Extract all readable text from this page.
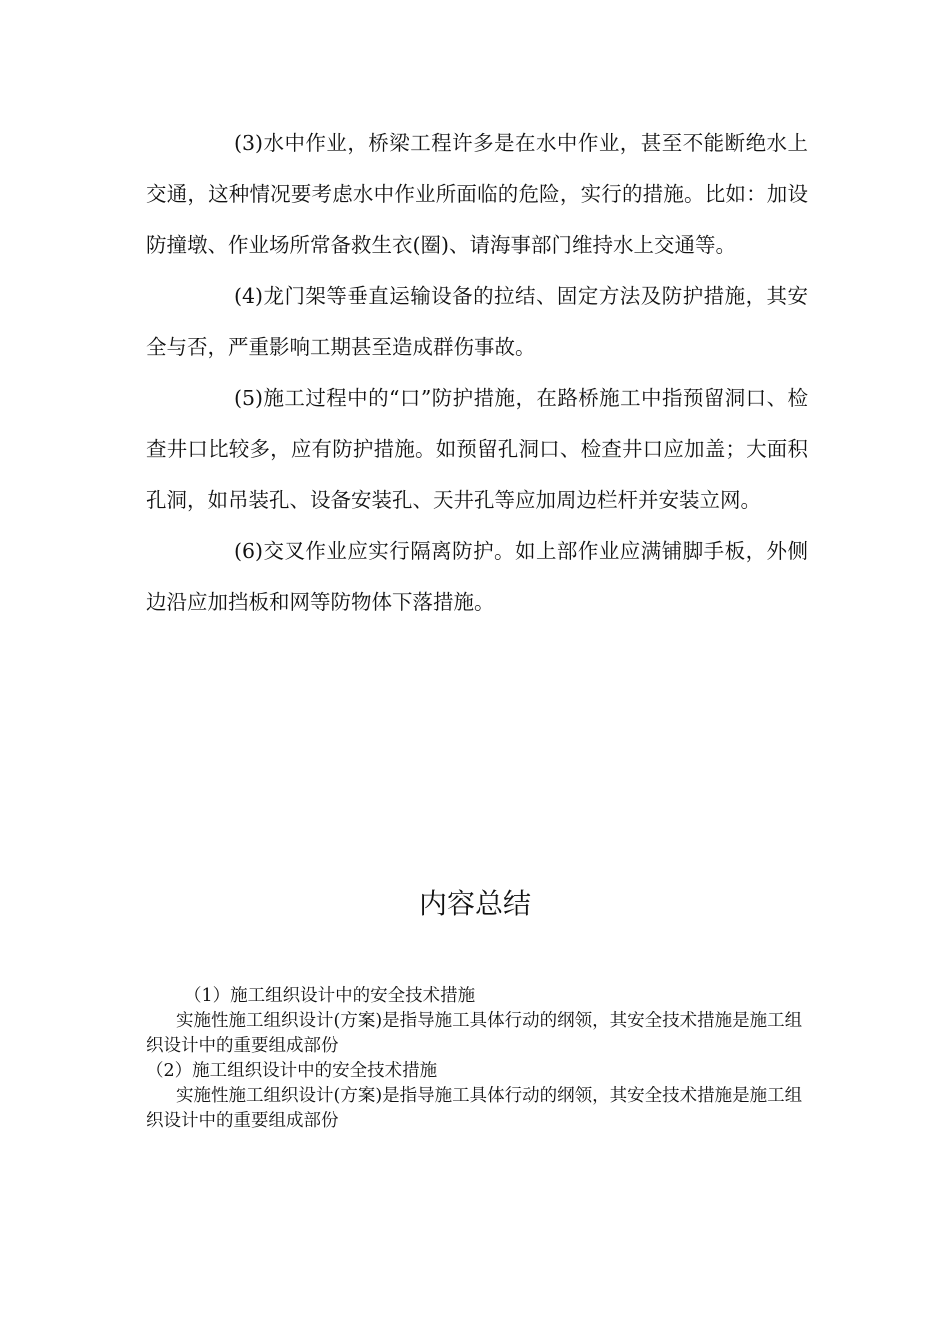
(3)水中作业，桥梁工程许多是在水中作业，甚至不能断绝水上交通，这种情况要考虑水中作业所面临的危险，实行的措施。比如：加设防撞墩、作业场所常备救生衣(圈)、请海事部门维持水上交通等。

(4)龙门架等垂直运输设备的拉结、固定方法及防护措施，其安全与否，严重影响工期甚至造成群伤事故。

(5)施工过程中的“口”防护措施，在路桥施工中指预留洞口、检查井口比较多，应有防护措施。如预留孔洞口、检查井口应加盖；大面积孔洞，如吊装孔、设备安装孔、天井孔等应加周边栏杆并安装立网。

(6)交叉作业应实行隔离防护。如上部作业应满铺脚手板，外侧边沿应加挡板和网等防物体下落措施。

内容总结

（1）施工组织设计中的安全技术措施

实施性施工组织设计(方案)是指导施工具体行动的纲领，其安全技术措施是施工组织设计中的重要组成部份

（2）施工组织设计中的安全技术措施

实施性施工组织设计(方案)是指导施工具体行动的纲领，其安全技术措施是施工组织设计中的重要组成部份
